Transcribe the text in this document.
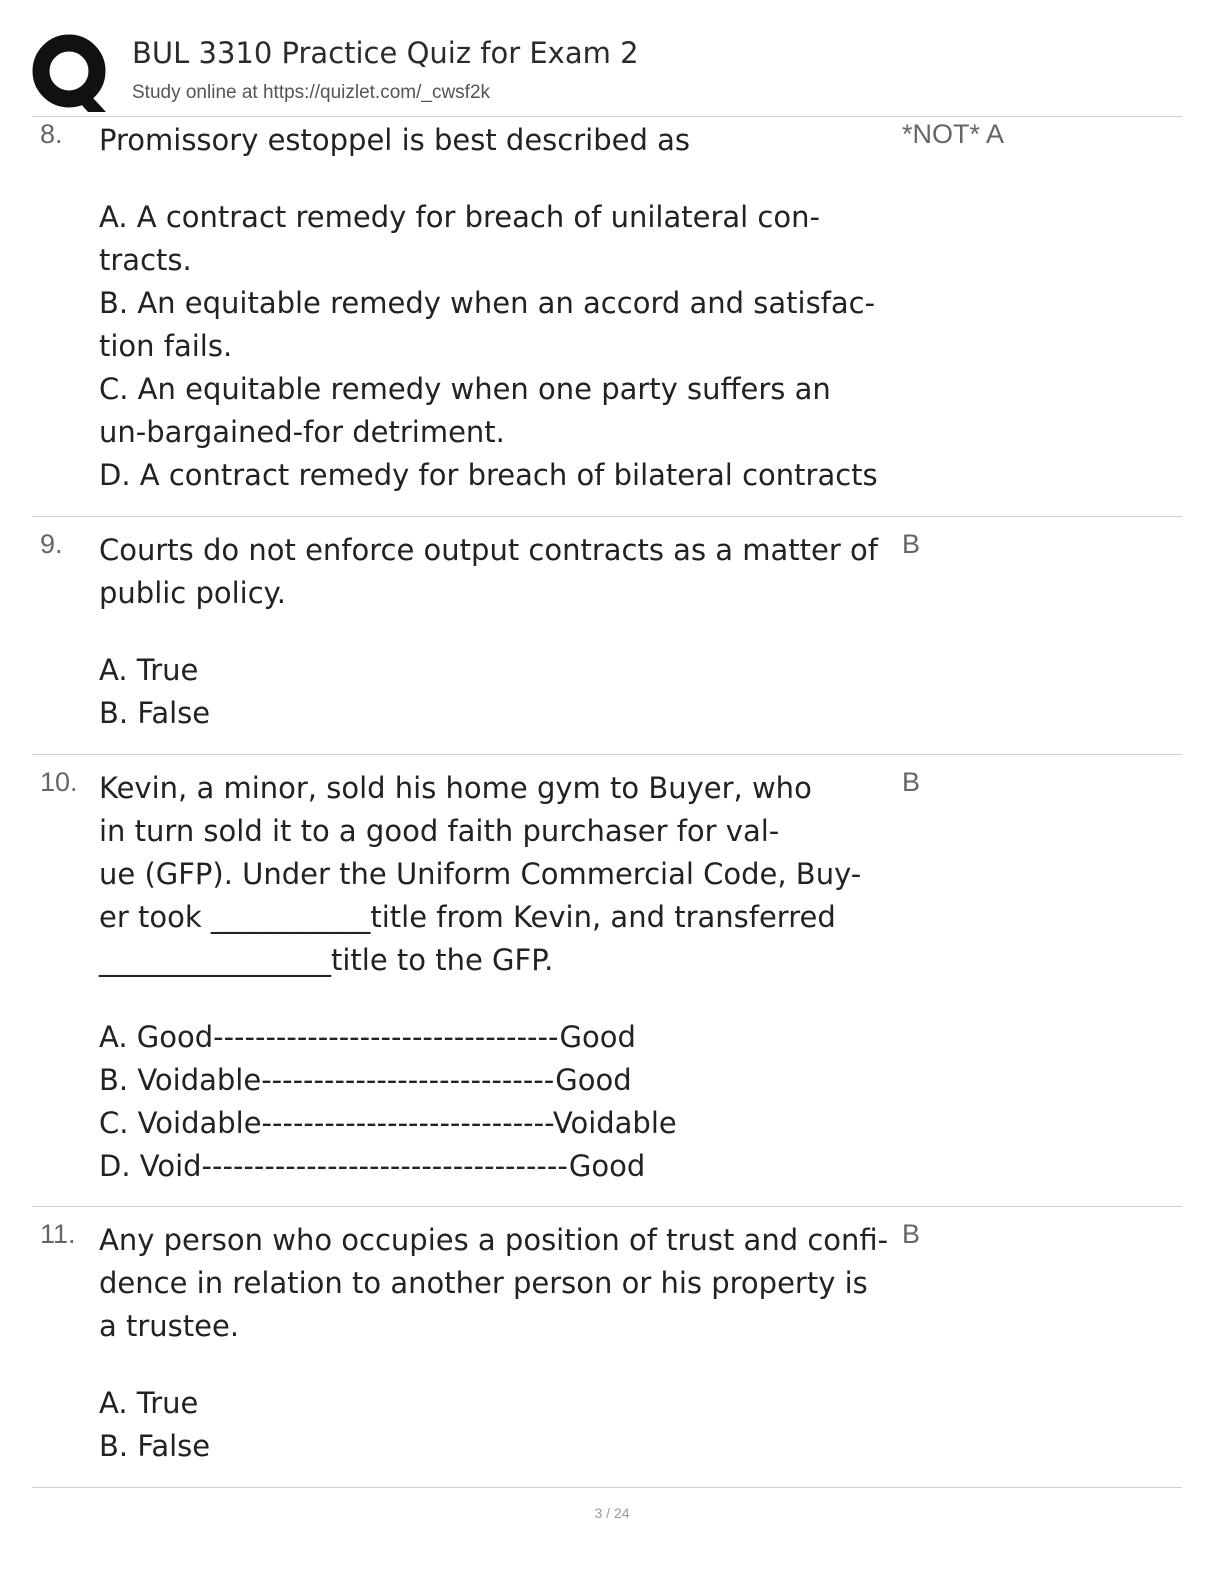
BUL 3310 Practice Quiz for Exam 2
Study online at https://quizlet.com/_cwsf2k
8. Promissory estoppel is best described as	*NOT* A
A. A contract remedy for breach of unilateral con-
tracts.
B. An equitable remedy when an accord and satisfac-
tion fails.
C. An equitable remedy when one party suffers an
un-bargained-for detriment.
D. A contract remedy for breach of bilateral contracts
9. Courts do not enforce output contracts as a matter of
public policy.
B
A. True
B. False
10. Kevin, a minor, sold his home gym to Buyer, who
in turn sold it to a good faith purchaser for val-
ue (GFP). Under the Uniform Commercial Code, Buy-
er took ___________title from Kevin, and transferred
________________title to the GFP.
B
A. Good---------------------------------Good
B. Voidable----------------------------Good
C. Voidable----------------------------Voidable
D. Void-----------------------------------Good
11. Any person who occupies a position of trust and confi-
dence in relation to another person or his property is
a trustee.
B
A. True
B. False
3 / 24
